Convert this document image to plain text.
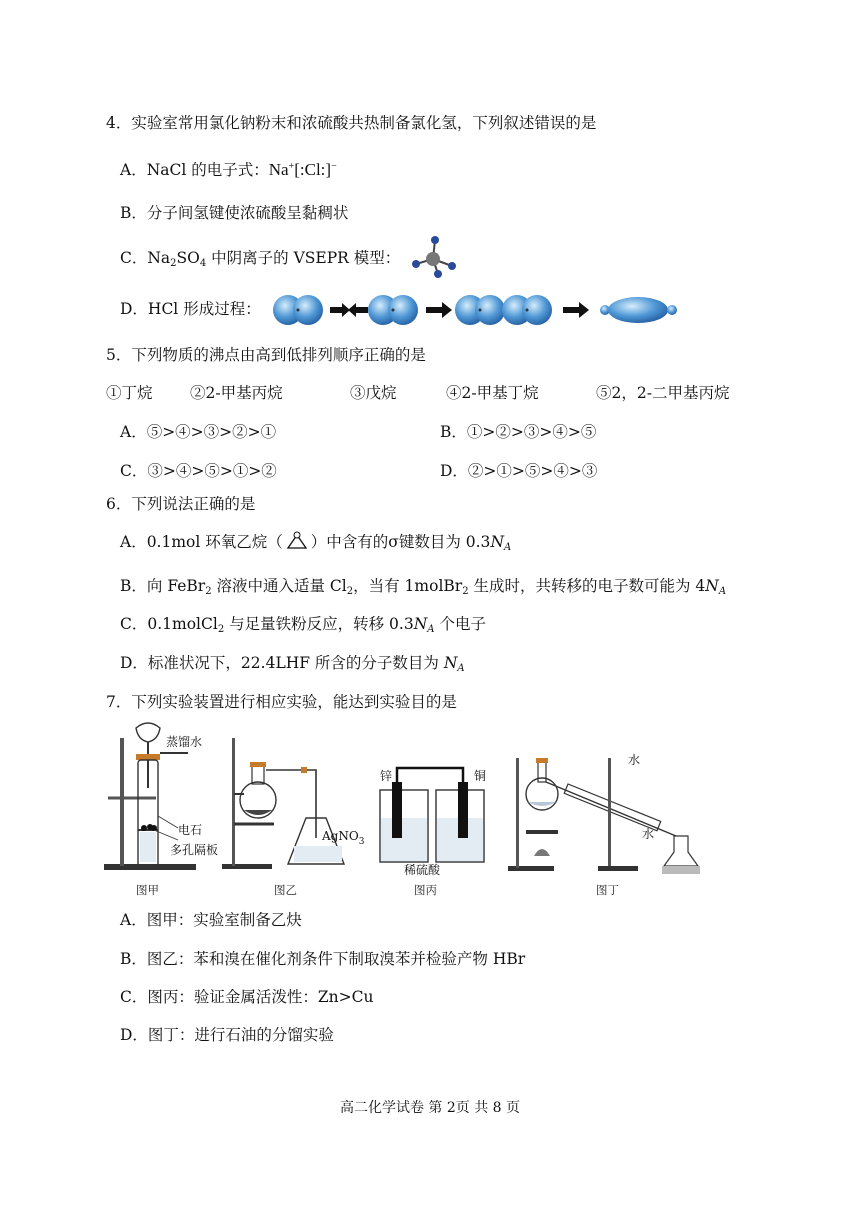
4．实验室常用氯化钠粉末和浓硫酸共热制备氯化氢，下列叙述错误的是
A．NaCl 的电子式：Na+[:Cl:]−
B．分子间氢键使浓硫酸呈黏稠状
C．$Na_2SO_4$ 中阴离子的 VSEPR 模型：
D．HCl 形成过程：
5．下列物质的沸点由高到低排列顺序正确的是
①丁烷 ②2-甲基丙烷	③戊烷	④2-甲基丁烷	⑤2，2-二甲基丙烷
A．⑤>④>③>②>①	B．①>②>③>④>⑤
C．③>④>⑤>①>②	D．②>①>⑤>④>③
6．下列说法正确的是
A．0.1mol 环氧乙烷（ ）中含有的σ键数目为 $0.3N_A$
B．向 FeBr$_2$ 溶液中通入适量 $Cl_2$，当有 1molBr$_2$ 生成时，共转移的电子数可能为 $4N_A$
C．0.1molCl$_2$ 与足量铁粉反应，转移 $0.3N_A$ 个电子
D．标准状况下，22.4LHF 所含的分子数目为 $N_A$
7．下列实验装置进行相应实验，能达到实验目的是
蒸馏水
电石
多孔隔板
图甲
AgNO$_3$
图乙
锌	铜
稀硫酸
图丙
水
水
图丁
A．图甲：实验室制备乙炔
B．图乙：苯和溴在催化剂条件下制取溴苯并检验产物 HBr
C．图丙：验证金属活泼性：Zn>Cu
D．图丁：进行石油的分馏实验
高二化学试卷 第 2页 共 8 页
